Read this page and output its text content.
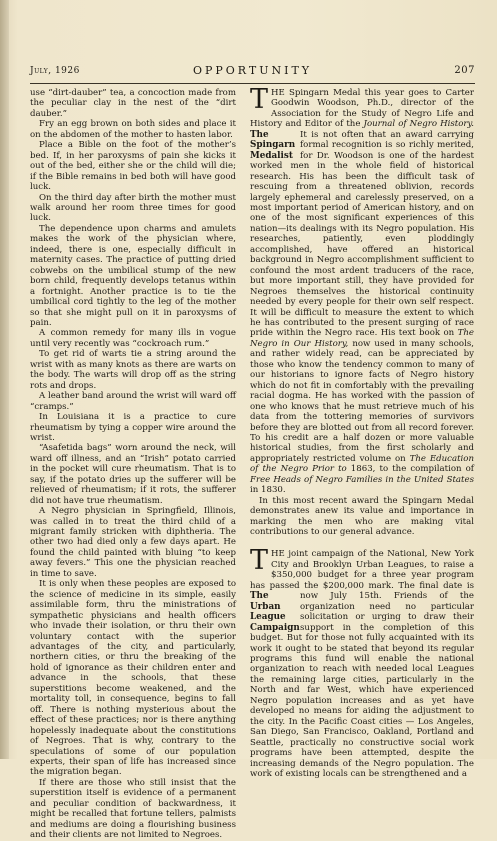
July, 1926	OPPORTUNITY	207

use “dirt-dauber” tea, a concoction made from the peculiar clay in the nest of the “dirt dauber.”

Fry an egg brown on both sides and place it on the abdomen of the mother to hasten labor.

Place a Bible on the foot of the mother’s bed. If, in her paroxysms of pain she kicks it out of the bed, either she or the child will die; if the Bible remains in bed both will have good luck.

On the third day after birth the mother must walk around her room three times for good luck.

The dependence upon charms and amulets makes the work of the physician where, indeed, there is one, especially difficult in maternity cases. The practice of putting dried cobwebs on the umbilical stump of the new born child, frequently develops tetanus within a fortnight. Another practice is to tie the umbilical cord tightly to the leg of the mother so that she might pull on it in paroxysms of pain.

A common remedy for many ills in vogue until very recently was “cockroach rum.”

To get rid of warts tie a string around the wrist with as many knots as there are warts on the body. The warts will drop off as the string rots and drops.

A leather band around the wrist will ward off “cramps.”

In Louisiana it is a practice to cure rheumatism by tying a copper wire around the wrist.

“Asafetida bags” worn around the neck, will ward off illness, and an “Irish” potato carried in the pocket will cure rheumatism. That is to say, if the potato dries up the sufferer will be relieved of rheumatism; if it rots, the sufferer did not have true rheumatism.

A Negro physician in Springfield, Illinois, was called in to treat the third child of a migrant family stricken with diphtheria. The other two had died only a few days apart. He found the child painted with bluing “to keep away fevers.” This one the physician reached in time to save.

It is only when these peoples are exposed to the science of medicine in its simple, easily assimilable form, thru the ministrations of sympathetic physicians and health officers who invade their isolation, or thru their own voluntary contact with the superior advantages of the city, and particularly, northern cities, or thru the breaking of the hold of ignorance as their children enter and advance in the schools, that these superstitions become weakened, and the mortality toll, in consequence, begins to fall off. There is nothing mysterious about the effect of these practices; nor is there anything hopelessly inadequate about the constitutions of Negroes. That is why, contrary to the speculations of some of our population experts, their span of life has increased since the migration began.

If there are those who still insist that the superstition itself is evidence of a permanent and peculiar condition of backwardness, it might be recalled that fortune tellers, palmists and mediums are doing a flourishing business and their clients are not limited to Negroes.

THE Spingarn Medal this year goes to Carter Goodwin Woodson, Ph.D., director of the Association for the Study of Negro Life and History and Editor of the Journal of Negro History.
The Spingarn Medalist
It is not often that an award carrying formal recognition is so richly merited, for Dr. Woodson is one of the hardest worked men in the whole field of historical research. His has been the difficult task of rescuing from a threatened oblivion, records largely ephemeral and carelessly preserved, on a most important period of American history, and on one of the most significant experiences of this nation—its dealings with its Negro population. His researches, patiently, even ploddingly accomplished, have offered an historical background in Negro accomplishment sufficient to confound the most ardent traducers of the race, but more important still, they have provided for Negroes themselves the historical continuity needed by every people for their own self respect. It will be difficult to measure the extent to which he has contributed to the present surging of race pride within the Negro race. His text book on The Negro in Our History, now used in many schools, and rather widely read, can be appreciated by those who know the tendency common to many of our historians to ignore facts of Negro history which do not fit in comfortably with the prevailing racial dogma. He has worked with the passion of one who knows that he must retrieve much of his data from the tottering memories of survivors before they are blotted out from all record forever. To his credit are a half dozen or more valuable historical studies, from the first scholarly and appropriately restricted volume on The Education of the Negro Prior to 1863, to the compilation of Free Heads of Negro Families in the United States in 1830.

In this most recent award the Spingarn Medal demonstrates anew its value and importance in marking the men who are making vital contributions to our general advance.

THE joint campaign of the National, New York City and Brooklyn Urban Leagues, to raise a $350,000 budget for a three year program has passed the $200,000 mark. The final date is now July 15th.
The Urban League Campaign
Friends of the organization need no particular solicitation or urging to draw their support in the completion of this budget. But for those not fully acquainted with its work it ought to be stated that beyond its regular programs this fund will enable the national organization to reach with needed local Leagues the remaining large cities, particularly in the North and far West, which have experienced Negro population increases and as yet have developed no means for aiding the adjustment to the city. In the Pacific Coast cities — Los Angeles, San Diego, San Francisco, Oakland, Portland and Seattle, practically no constructive social work programs have been attempted, despite the increasing demands of the Negro population. The work of existing locals can be strengthened and a
